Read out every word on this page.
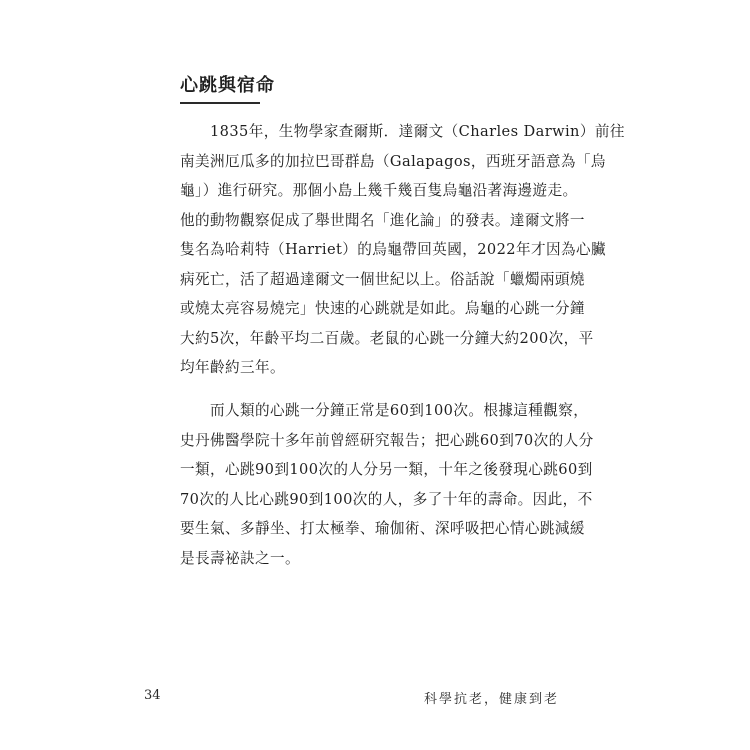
心跳與宿命

　　1835年，生物學家查爾斯．達爾文（Charles Darwin）前往
南美洲厄瓜多的加拉巴哥群島（Galapagos，西班牙語意為「烏
龜」）進行研究。那個小島上幾千幾百隻烏龜沿著海邊遊走。
他的動物觀察促成了舉世聞名「進化論」的發表。達爾文將一
隻名為哈莉特（Harriet）的烏龜帶回英國，2022年才因為心臟
病死亡，活了超過達爾文一個世紀以上。俗話說「蠟燭兩頭燒
或燒太亮容易燒完」快速的心跳就是如此。烏龜的心跳一分鐘
大約5次，年齡平均二百歲。老鼠的心跳一分鐘大約200次，平
均年齡約三年。

　　而人類的心跳一分鐘正常是60到100次。根據這種觀察，
史丹佛醫學院十多年前曾經研究報告；把心跳60到70次的人分
一類，心跳90到100次的人分另一類，十年之後發現心跳60到
70次的人比心跳90到100次的人，多了十年的壽命。因此，不
要生氣、多靜坐、打太極拳、瑜伽術、深呼吸把心情心跳減緩
是長壽祕訣之一。

34	科學抗老，健康到老
